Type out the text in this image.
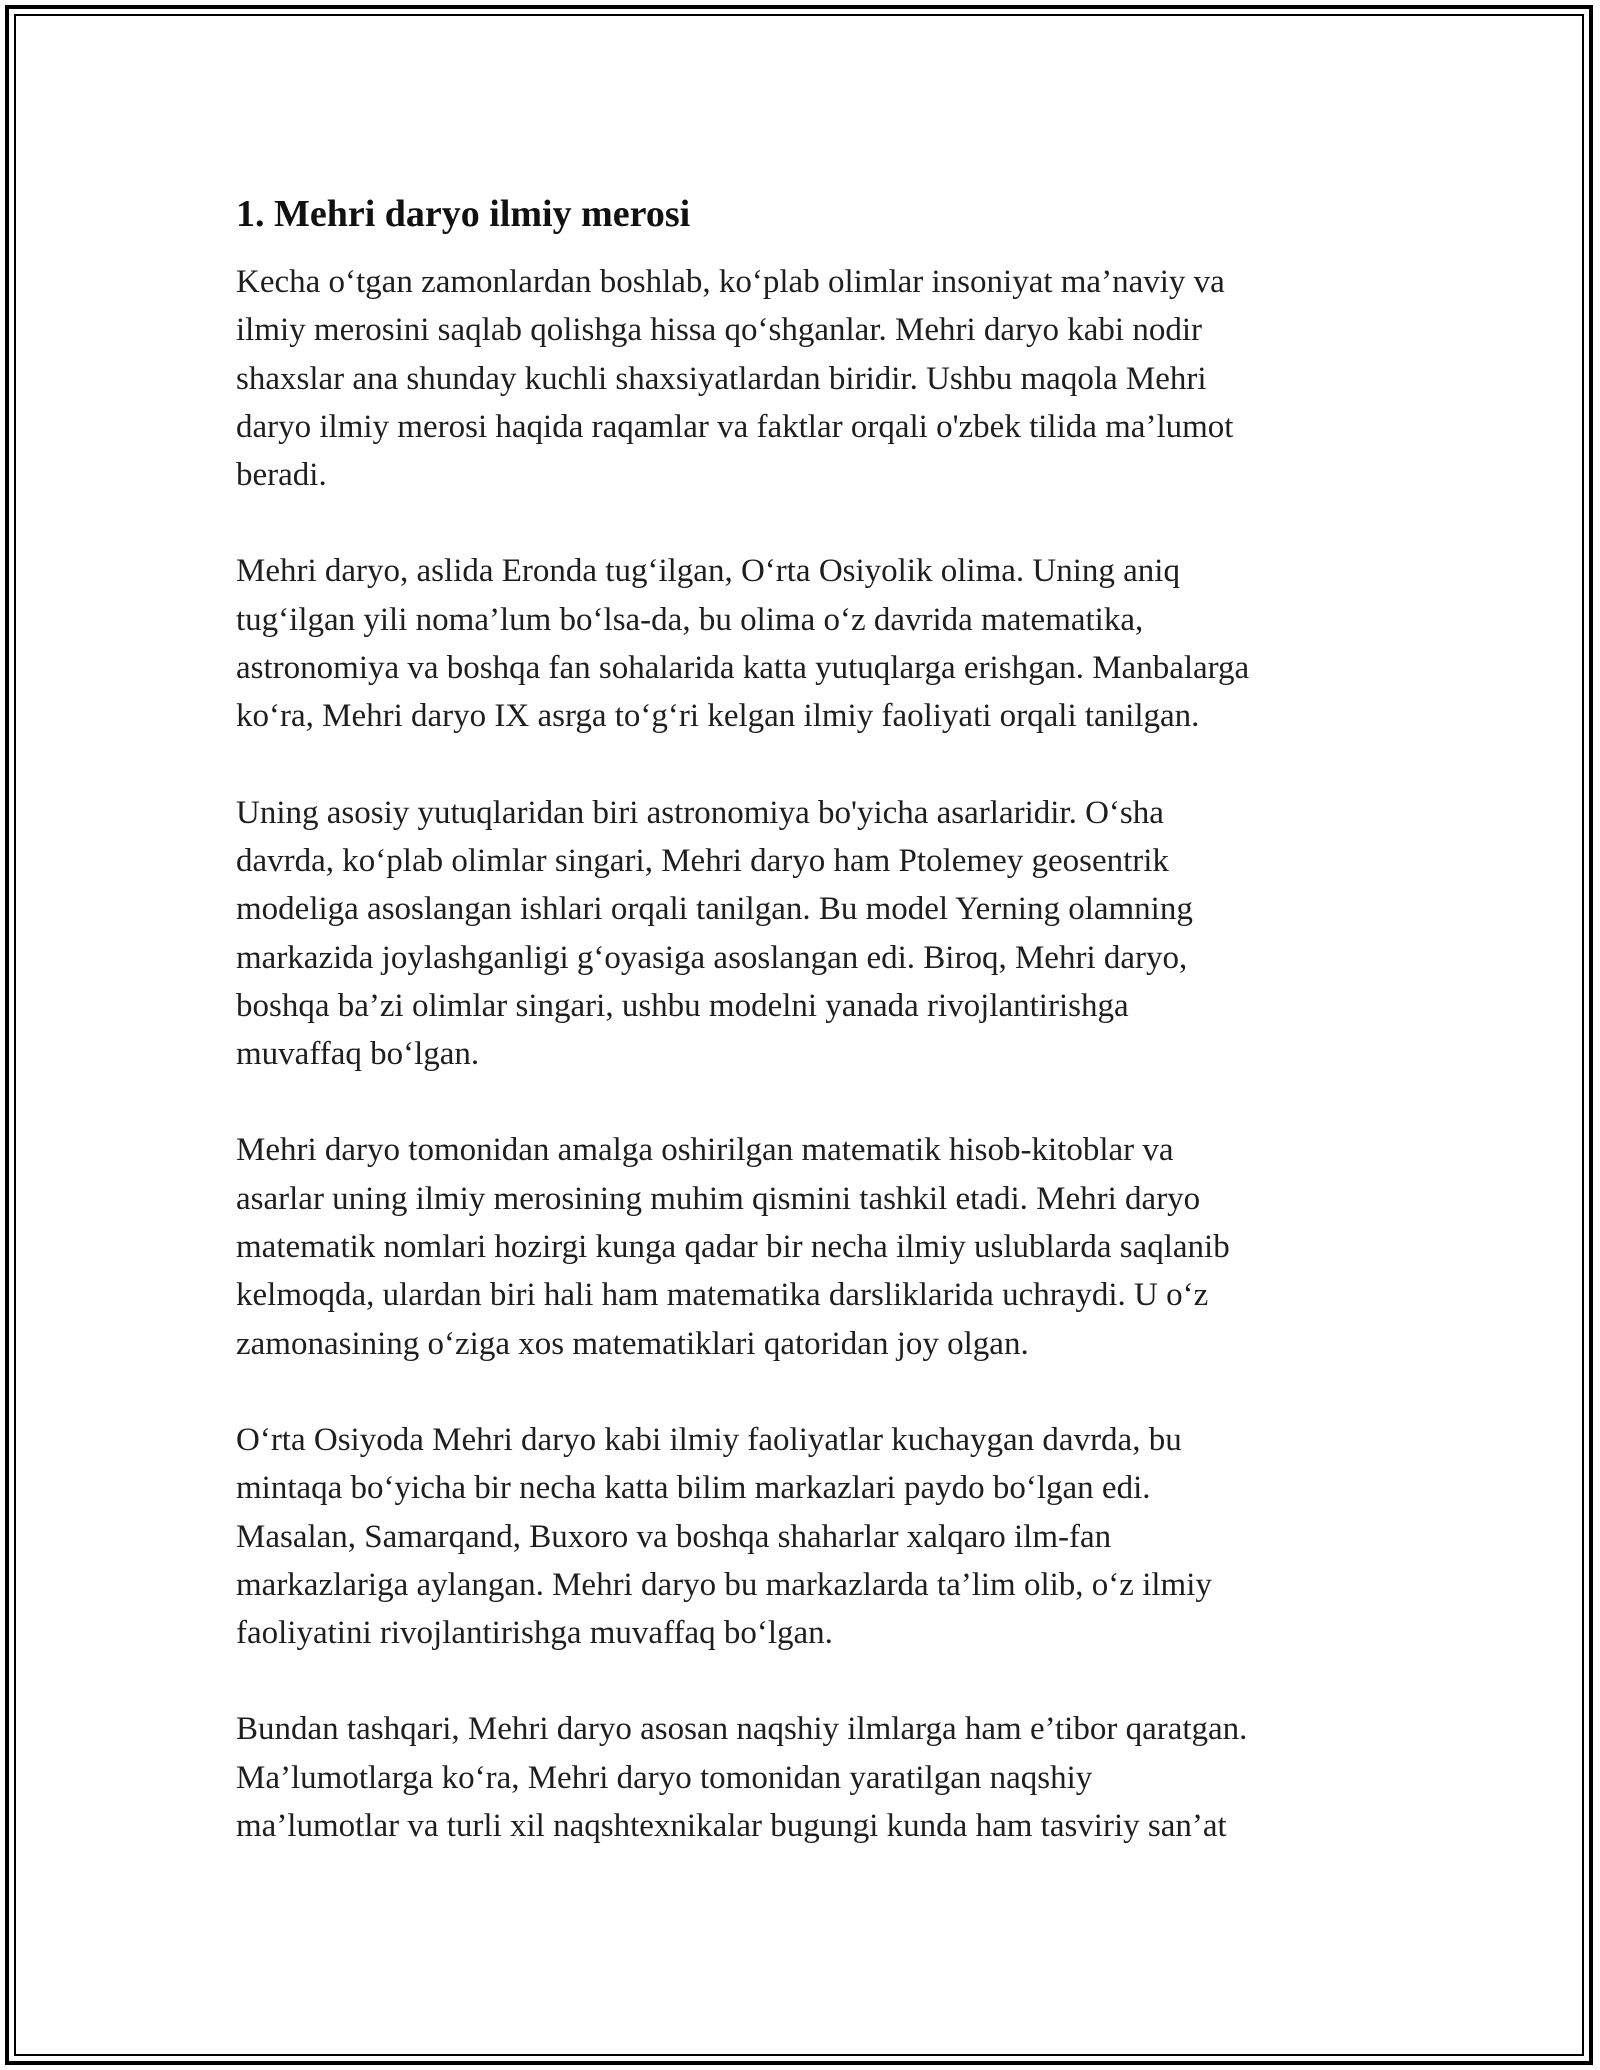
1. Mehri daryo ilmiy merosi

Kecha o‘tgan zamonlardan boshlab, ko‘plab olimlar insoniyat ma’naviy va
ilmiy merosini saqlab qolishga hissa qo‘shganlar. Mehri daryo kabi nodir
shaxslar ana shunday kuchli shaxsiyatlardan biridir. Ushbu maqola Mehri
daryo ilmiy merosi haqida raqamlar va faktlar orqali o'zbek tilida ma’lumot
beradi.

Mehri daryo, aslida Eronda tug‘ilgan, O‘rta Osiyolik olima. Uning aniq
tug‘ilgan yili noma’lum bo‘lsa-da, bu olima o‘z davrida matematika,
astronomiya va boshqa fan sohalarida katta yutuqlarga erishgan. Manbalarga
ko‘ra, Mehri daryo IX asrga to‘g‘ri kelgan ilmiy faoliyati orqali tanilgan.

Uning asosiy yutuqlaridan biri astronomiya bo'yicha asarlaridir. O‘sha
davrda, ko‘plab olimlar singari, Mehri daryo ham Ptolemey geosentrik
modeliga asoslangan ishlari orqali tanilgan. Bu model Yerning olamning
markazida joylashganligi g‘oyasiga asoslangan edi. Biroq, Mehri daryo,
boshqa ba’zi olimlar singari, ushbu modelni yanada rivojlantirishga
muvaffaq bo‘lgan.

Mehri daryo tomonidan amalga oshirilgan matematik hisob-kitoblar va
asarlar uning ilmiy merosining muhim qismini tashkil etadi. Mehri daryo
matematik nomlari hozirgi kunga qadar bir necha ilmiy uslublarda saqlanib
kelmoqda, ulardan biri hali ham matematika darsliklarida uchraydi. U o‘z
zamonasining o‘ziga xos matematiklari qatoridan joy olgan.

O‘rta Osiyoda Mehri daryo kabi ilmiy faoliyatlar kuchaygan davrda, bu
mintaqa bo‘yicha bir necha katta bilim markazlari paydo bo‘lgan edi.
Masalan, Samarqand, Buxoro va boshqa shaharlar xalqaro ilm-fan
markazlariga aylangan. Mehri daryo bu markazlarda ta’lim olib, o‘z ilmiy
faoliyatini rivojlantirishga muvaffaq bo‘lgan.

Bundan tashqari, Mehri daryo asosan naqshiy ilmlarga ham e’tibor qaratgan.
Ma’lumotlarga ko‘ra, Mehri daryo tomonidan yaratilgan naqshiy
ma’lumotlar va turli xil naqshtexnikalar bugungi kunda ham tasviriy san’at
